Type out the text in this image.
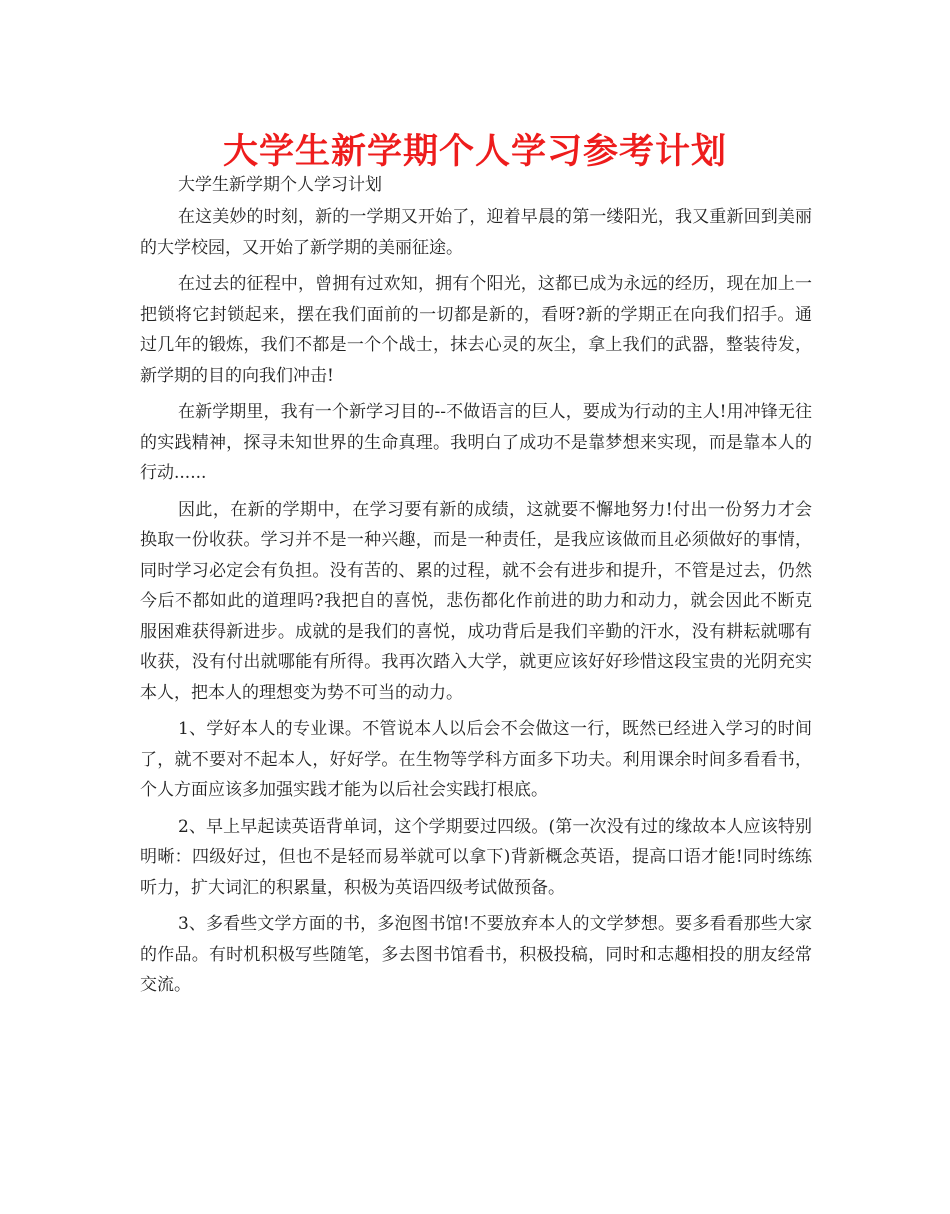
大学生新学期个人学习参考计划

大学生新学期个人学习计划

在这美妙的时刻，新的一学期又开始了，迎着早晨的第一缕阳光，我又重新回到美丽的大学校园，又开始了新学期的美丽征途。

在过去的征程中，曾拥有过欢知，拥有个阳光，这都已成为永远的经历，现在加上一把锁将它封锁起来，摆在我们面前的一切都是新的，看呀?新的学期正在向我们招手。通过几年的锻炼，我们不都是一个个战士，抹去心灵的灰尘，拿上我们的武器，整装待发，新学期的目的向我们冲击!

在新学期里，我有一个新学习目的--不做语言的巨人，要成为行动的主人!用冲锋无往的实践精神，探寻未知世界的生命真理。我明白了成功不是靠梦想来实现，而是靠本人的行动......

因此，在新的学期中，在学习要有新的成绩，这就要不懈地努力!付出一份努力才会换取一份收获。学习并不是一种兴趣，而是一种责任，是我应该做而且必须做好的事情，同时学习必定会有负担。没有苦的、累的过程，就不会有进步和提升，不管是过去，仍然今后不都如此的道理吗?我把自的喜悦，悲伤都化作前进的助力和动力，就会因此不断克服困难获得新进步。成就的是我们的喜悦，成功背后是我们辛勤的汗水，没有耕耘就哪有收获，没有付出就哪能有所得。我再次踏入大学，就更应该好好珍惜这段宝贵的光阴充实本人，把本人的理想变为势不可当的动力。

1、学好本人的专业课。不管说本人以后会不会做这一行，既然已经进入学习的时间了，就不要对不起本人，好好学。在生物等学科方面多下功夫。利用课余时间多看看书，个人方面应该多加强实践才能为以后社会实践打根底。

2、早上早起读英语背单词，这个学期要过四级。(第一次没有过的缘故本人应该特别明晰：四级好过，但也不是轻而易举就可以拿下)背新概念英语，提高口语才能!同时练练听力，扩大词汇的积累量，积极为英语四级考试做预备。

3、多看些文学方面的书，多泡图书馆!不要放弃本人的文学梦想。要多看看那些大家的作品。有时机积极写些随笔，多去图书馆看书，积极投稿，同时和志趣相投的朋友经常交流。
